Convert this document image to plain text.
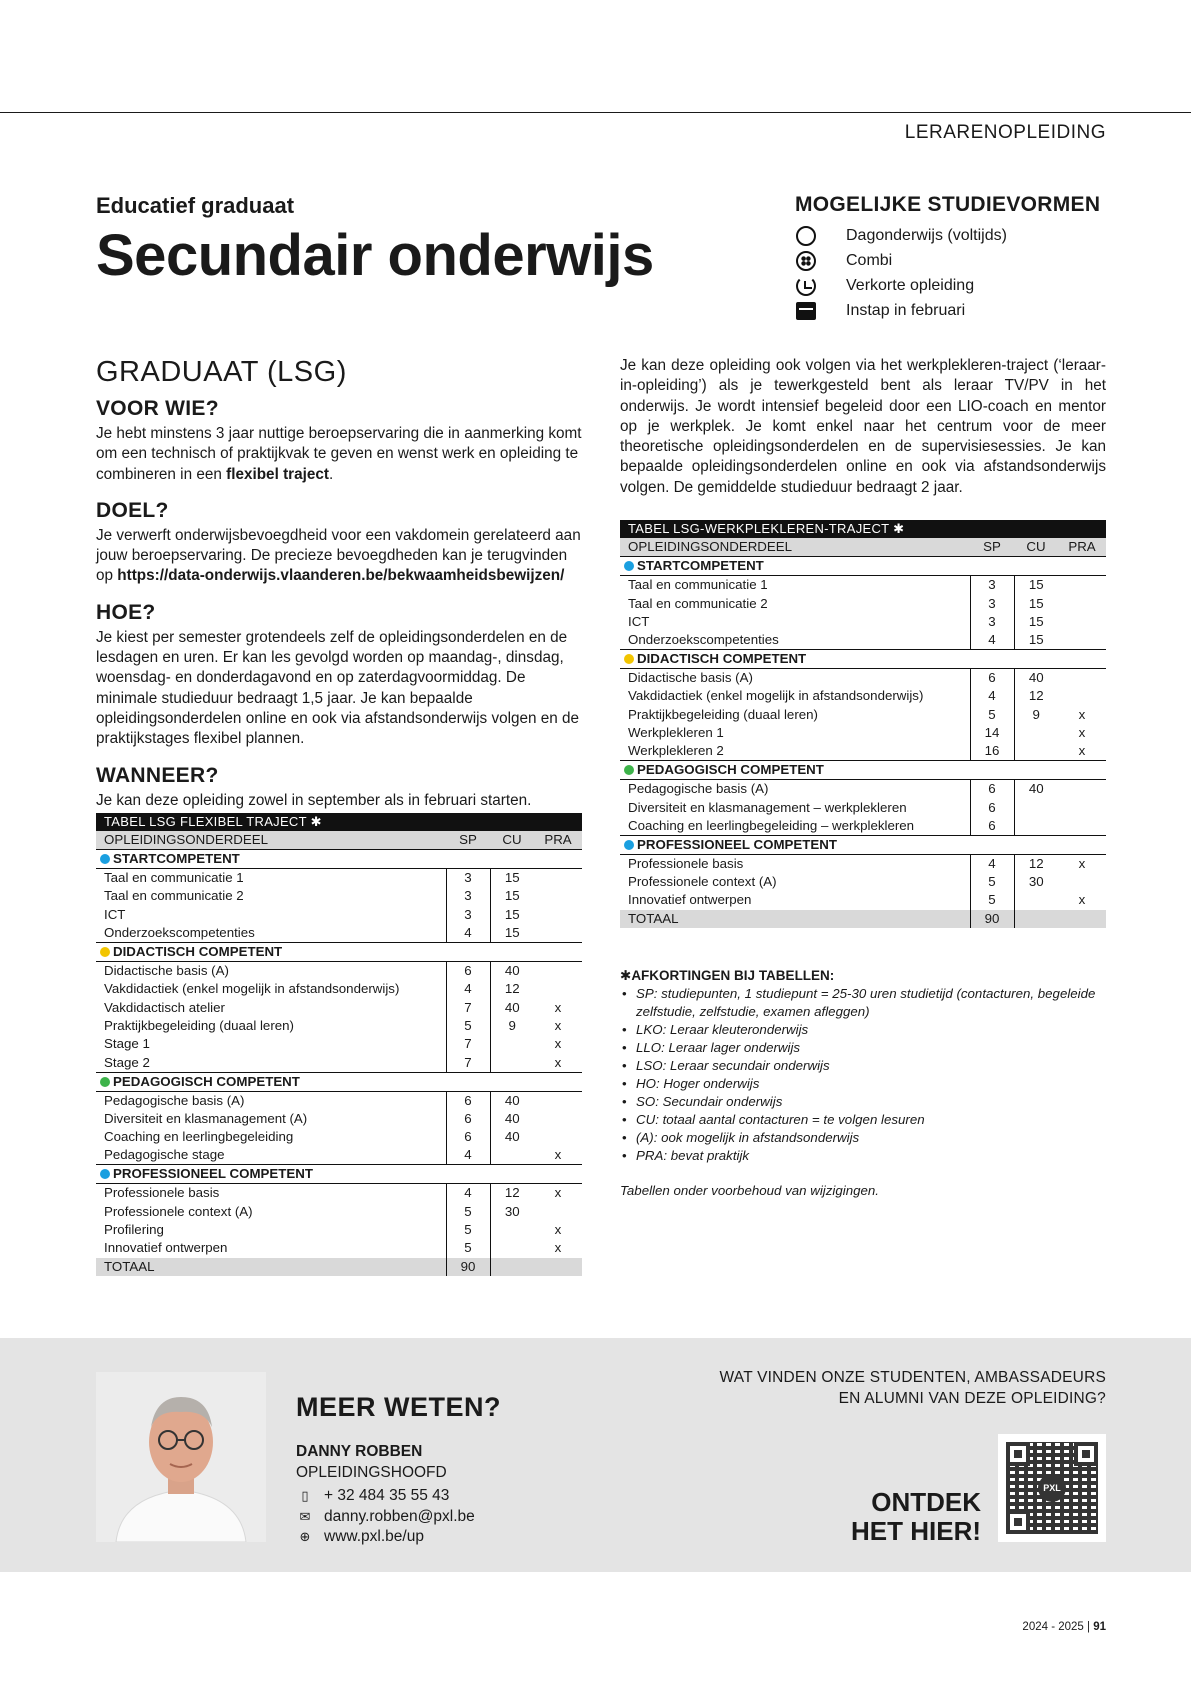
LERARENOPLEIDING
Educatief graduaat
Secundair onderwijs
MOGELIJKE STUDIEVORMEN
Dagonderwijs (voltijds)
Combi
Verkorte opleiding
Instap in februari
GRADUAAT (LSG)
VOOR WIE?

Je hebt minstens 3 jaar nuttige beroepservaring die in aanmerking komt om een technisch of praktijkvak te geven en wenst werk en opleiding te combineren in een flexibel traject.

DOEL?

Je verwerft onderwijsbevoegdheid voor een vakdomein gerelateerd aan jouw beroepservaring. De precieze bevoegdheden kan je terugvinden op https://data-onderwijs.vlaanderen.be/bekwaamheidsbewijzen/

HOE?

Je kiest per semester grotendeels zelf de opleidingsonderdelen en de lesdagen en uren. Er kan les gevolgd worden op maandag-, dinsdag, woensdag- en donderdagavond en op zaterdagvoormiddag. De minimale studieduur bedraagt 1,5 jaar. Je kan bepaalde opleidingsonderdelen online en ook via afstandsonderwijs volgen en de praktijkstages flexibel plannen.

WANNEER?

Je kan deze opleiding zowel in september als in februari starten.

TABEL LSG FLEXIBEL TRAJECT ✱			
OPLEIDINGSONDERDEEL	SP	CU	PRA
STARTCOMPETENT			
Taal en communicatie 1	3	15	
Taal en communicatie 2	3	15	
ICT	3	15	
Onderzoekscompetenties	4	15	
DIDACTISCH COMPETENT			
Didactische basis (A)	6	40	
Vakdidactiek (enkel mogelijk in afstandsonderwijs)	4	12	
Vakdidactisch atelier	7	40	x
Praktijkbegeleiding (duaal leren)	5	9	x
Stage 1	7		x
Stage 2	7		x
PEDAGOGISCH COMPETENT			
Pedagogische basis (A)	6	40	
Diversiteit en klasmanagement (A)	6	40	
Coaching en leerlingbegeleiding	6	40	
Pedagogische stage	4		x
PROFESSIONEEL COMPETENT			
Professionele basis	4	12	x
Professionele context (A)	5	30	
Profilering	5		x
Innovatief ontwerpen	5		x
TOTAAL	90		

Je kan deze opleiding ook volgen via het werkplekleren-traject (‘leraar-in-opleiding’) als je tewerkgesteld bent als leraar TV/PV in het onderwijs. Je wordt intensief begeleid door een LIO-coach en mentor op je werkplek. Je komt enkel naar het centrum voor de meer theoretische opleidingsonderdelen en de supervisiesessies. Je kan bepaalde opleidingsonderdelen online en ook via afstandsonderwijs volgen. De gemiddelde studieduur bedraagt 2 jaar.

TABEL LSG-WERKPLEKLEREN-TRAJECT ✱			
OPLEIDINGSONDERDEEL	SP	CU	PRA
STARTCOMPETENT			
Taal en communicatie 1	3	15	
Taal en communicatie 2	3	15	
ICT	3	15	
Onderzoekscompetenties	4	15	
DIDACTISCH COMPETENT			
Didactische basis (A)	6	40	
Vakdidactiek (enkel mogelijk in afstandsonderwijs)	4	12	
Praktijkbegeleiding (duaal leren)	5	9	x
Werkplekleren 1	14		x
Werkplekleren 2	16		x
PEDAGOGISCH COMPETENT			
Pedagogische basis (A)	6	40	
Diversiteit en klasmanagement – werkplekleren	6		
Coaching en leerlingbegeleiding – werkplekleren	6		
PROFESSIONEEL COMPETENT			
Professionele basis	4	12	x
Professionele context (A)	5	30	
Innovatief ontwerpen	5		x
TOTAAL	90		
✱AFKORTINGEN BIJ TABELLEN:
• SP: studiepunten, 1 studiepunt = 25-30 uren studietijd (contacturen, begeleide zelfstudie, zelfstudie, examen afleggen)
• LKO: Leraar kleuteronderwijs
• LLO: Leraar lager onderwijs
• LSO: Leraar secundair onderwijs
• HO: Hoger onderwijs
• SO: Secundair onderwijs
• CU: totaal aantal contacturen = te volgen lesuren
• (A): ook mogelijk in afstandsonderwijs
• PRA: bevat praktijk
Tabellen onder voorbehoud van wijzigingen.
MEER WETEN?
DANNY ROBBEN
OPLEIDINGSHOOFD
▯ + 32 484 35 55 43
✉ danny.robben@pxl.be
⊕ www.pxl.be/up
WAT VINDEN ONZE STUDENTEN, AMBASSADEURS
EN ALUMNI VAN DEZE OPLEIDING?
ONTDEK
HET HIER!
PXL
2024 - 2025 | 91
